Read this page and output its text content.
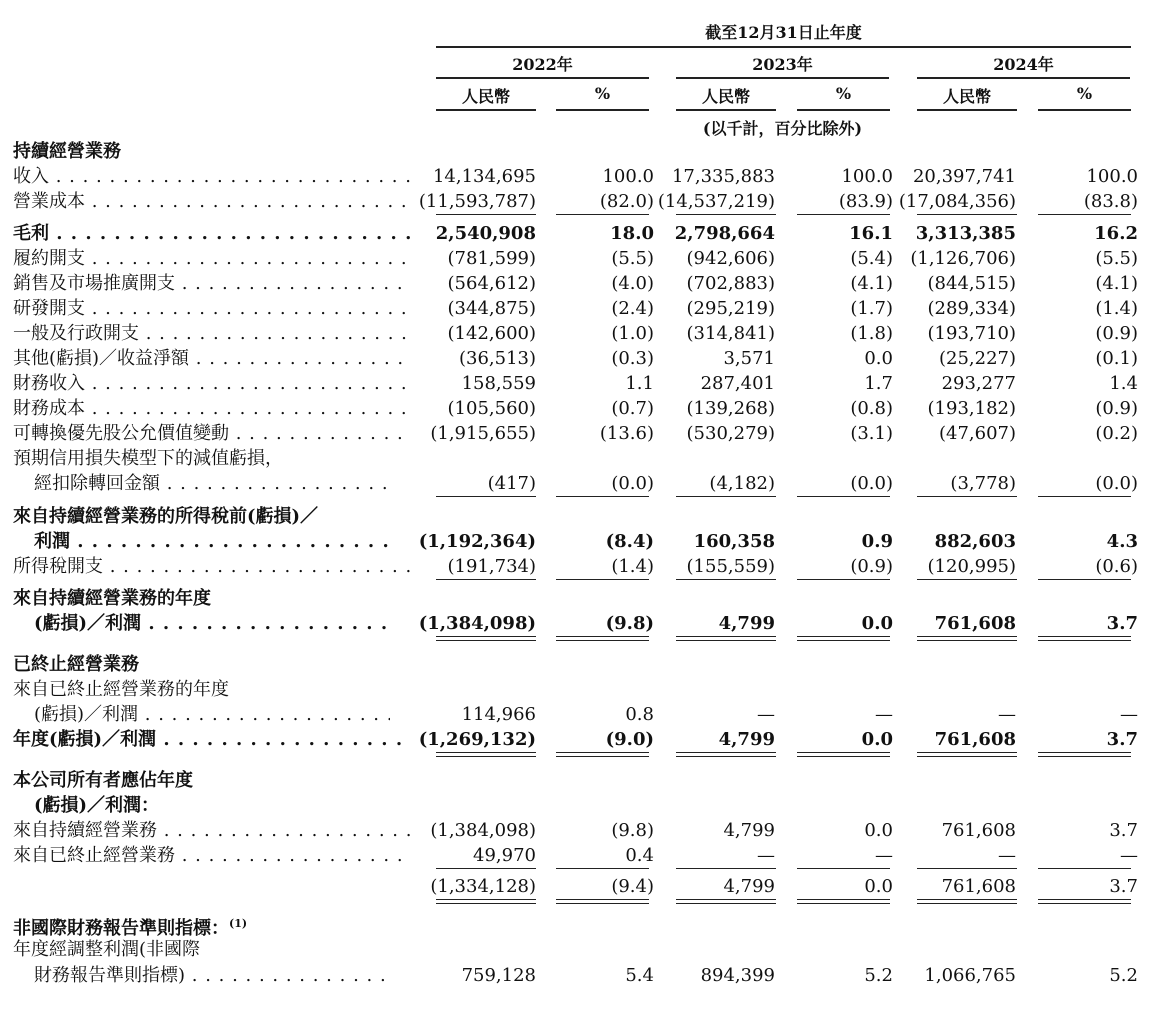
截至12月31日止年度
2022年	2023年	2024年
人民幣	%	人民幣	%	人民幣	%
(以千計，百分比除外)
持續經營業務
收入 . . .	14,134,695	100.0 17,335,883	100.0 20,397,741	100.0
營業成本 . . .	(11,593,787)	(82.0) (14,537,219)	(83.9) (17,084,356)	(83.8)
毛利 . . .	2,540,908	18.0 2,798,664	16.1 3,313,385	16.2
履約開支 . . .	(781,599)	(5.5) (942,606)	(5.4) (1,126,706)	(5.5)
銷售及市場推廣開支 . . .	(564,612)	(4.0) (702,883)	(4.1) (844,515)	(4.1)
研發開支 . . .	(344,875)	(2.4) (295,219)	(1.7) (289,334)	(1.4)
一般及行政開支 . . .	(142,600)	(1.0) (314,841)	(1.8) (193,710)	(0.9)
其他(虧損)／收益淨額 . . .	(36,513)	(0.3)	3,571	0.0	(25,227)	(0.1)
財務收入 . . .	158,559	1.1	287,401	1.7	293,277	1.4
財務成本 . . .	(105,560)	(0.7) (139,268)	(0.8) (193,182)	(0.9)
可轉換優先股公允價值變動 . . .	(1,915,655)	(13.6) (530,279)	(3.1)	(47,607)	(0.2)
預期信用損失模型下的減值虧損，
經扣除轉回金額 . . .	(417)	(0.0)	(4,182)	(0.0)	(3,778)	(0.0)
來自持續經營業務的所得稅前(虧損)／
利潤 . . .	(1,192,364)	(8.4) 160,358	0.9 882,603	4.3
所得稅開支 . . .	(191,734)	(1.4) (155,559)	(0.9) (120,995)	(0.6)
來自持續經營業務的年度
(虧損)／利潤 . . .	(1,384,098)	(9.8)	4,799	0.0 761,608	3.7
已終止經營業務
來自已終止經營業務的年度
(虧損)／利潤 . . .	114,966	0.8	—	—	—	—
年度(虧損)／利潤 . . .	(1,269,132)	(9.0)	4,799	0.0 761,608	3.7
本公司所有者應佔年度
(虧損)／利潤：
來自持續經營業務 . . .	(1,384,098)	(9.8)	4,799	0.0	761,608	3.7
來自已終止經營業務 . . .	49,970	0.4	—	—	—	—
(1,334,128)	(9.4)	4,799	0.0	761,608	3.7
非國際財務報告準則指標：$^{(1)}$
年度經調整利潤(非國際
財務報告準則指標) . . .	759,128	5.4	894,399	5.2 1,066,765	5.2
